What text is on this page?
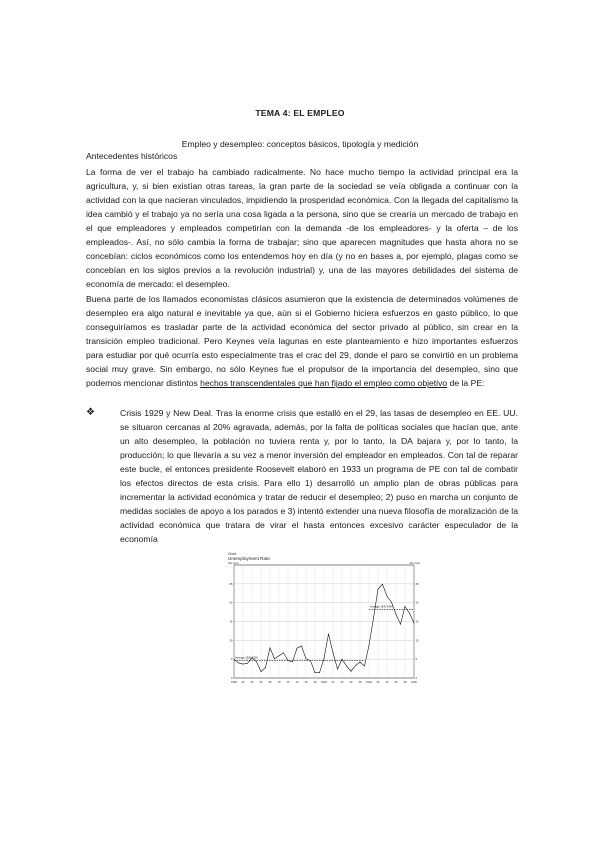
TEMA 4: EL EMPLEO
Empleo y desempleo: conceptos básicos, tipología y medición
Antecedentes históricos
La forma de ver el trabajo ha cambiado radicalmente. No hace mucho tiempo la actividad principal era la agricultura, y, si bien existían otras tareas, la gran parte de la sociedad se veía obligada a continuar con la actividad con la que nacieran vinculados, impidiendo la prosperidad económica. Con la llegada del capitalismo la idea cambió y el trabajo ya no sería una cosa ligada a la persona, sino que se crearía un mercado de trabajo en el que empleadores y empleados competirían con la demanda -de los empleadores- y la oferta – de los empleados-. Así, no sólo cambia la forma de trabajar; sino que aparecen magnitudes que hasta ahora no se concebían: ciclos económicos como los entendemos hoy en día (y no en bases a, por ejemplo, plagas como se concebían en los siglos previos a la revolución industrial) y, una de las mayores debilidades del sistema de economía de mercado: el desempleo.
Buena parte de los llamados economistas clásicos asumieron que la existencia de determinados volúmenes de desempleo era algo natural e inevitable ya que, aún si el Gobierno hiciera esfuerzos en gasto público, lo que conseguiríamos es trasladar parte de la actividad económica del sector privado al público, sin crear en la transición empleo tradicional. Pero Keynes veía lagunas en este planteamiento e hizo importantes esfuerzos para estudiar por qué ocurría esto especialmente tras el crac del 29, donde el paro se convirtió en un problema social muy grave. Sin embargo, no sólo Keynes fue el propulsor de la importancia del desempleo, sino que podemos mencionar distintos hechos transcendentales que han fijado el empleo como objetivo de la PE:
❖	Crisis 1929 y New Deal. Tras la enorme crisis que estalló en el 29, las tasas de desempleo en EE. UU. se situaron cercanas al 20% agravada, además, por la falta de políticas sociales que hacían que, ante un alto desempleo, la población no tuviera renta y, por lo tanto, la DA bajara y, por lo tanto, la producción; lo que llevaría a su vez a menor inversión del empleador en empleados. Con tal de reparar este bucle, el entonces presidente Roosevelt elaboró en 1933 un programa de PE con tal de combatir los efectos directos de esta crisis. Para ello 1) desarrolló un amplio plan de obras públicas para incrementar la actividad económica y tratar de reducir el desempleo; 2) puso en marcha un conjunto de medidas sociales de apoyo a los parados e 3) intentó extender una nueva filosofía de moralización de la actividad económica que tratara de virar el hasta entonces excesivo carácter especulador de la economía
Chart
Unemployment Rate
Per cent	Per cent
0	0
5	5
10	10
15	15
20	20
25	25
1900 02 04 06 08 10 12 14 16 18 1920 22 24 26 28 1930 32 34 36 38 1940
Average 1900-1929
Average 1930-1940
